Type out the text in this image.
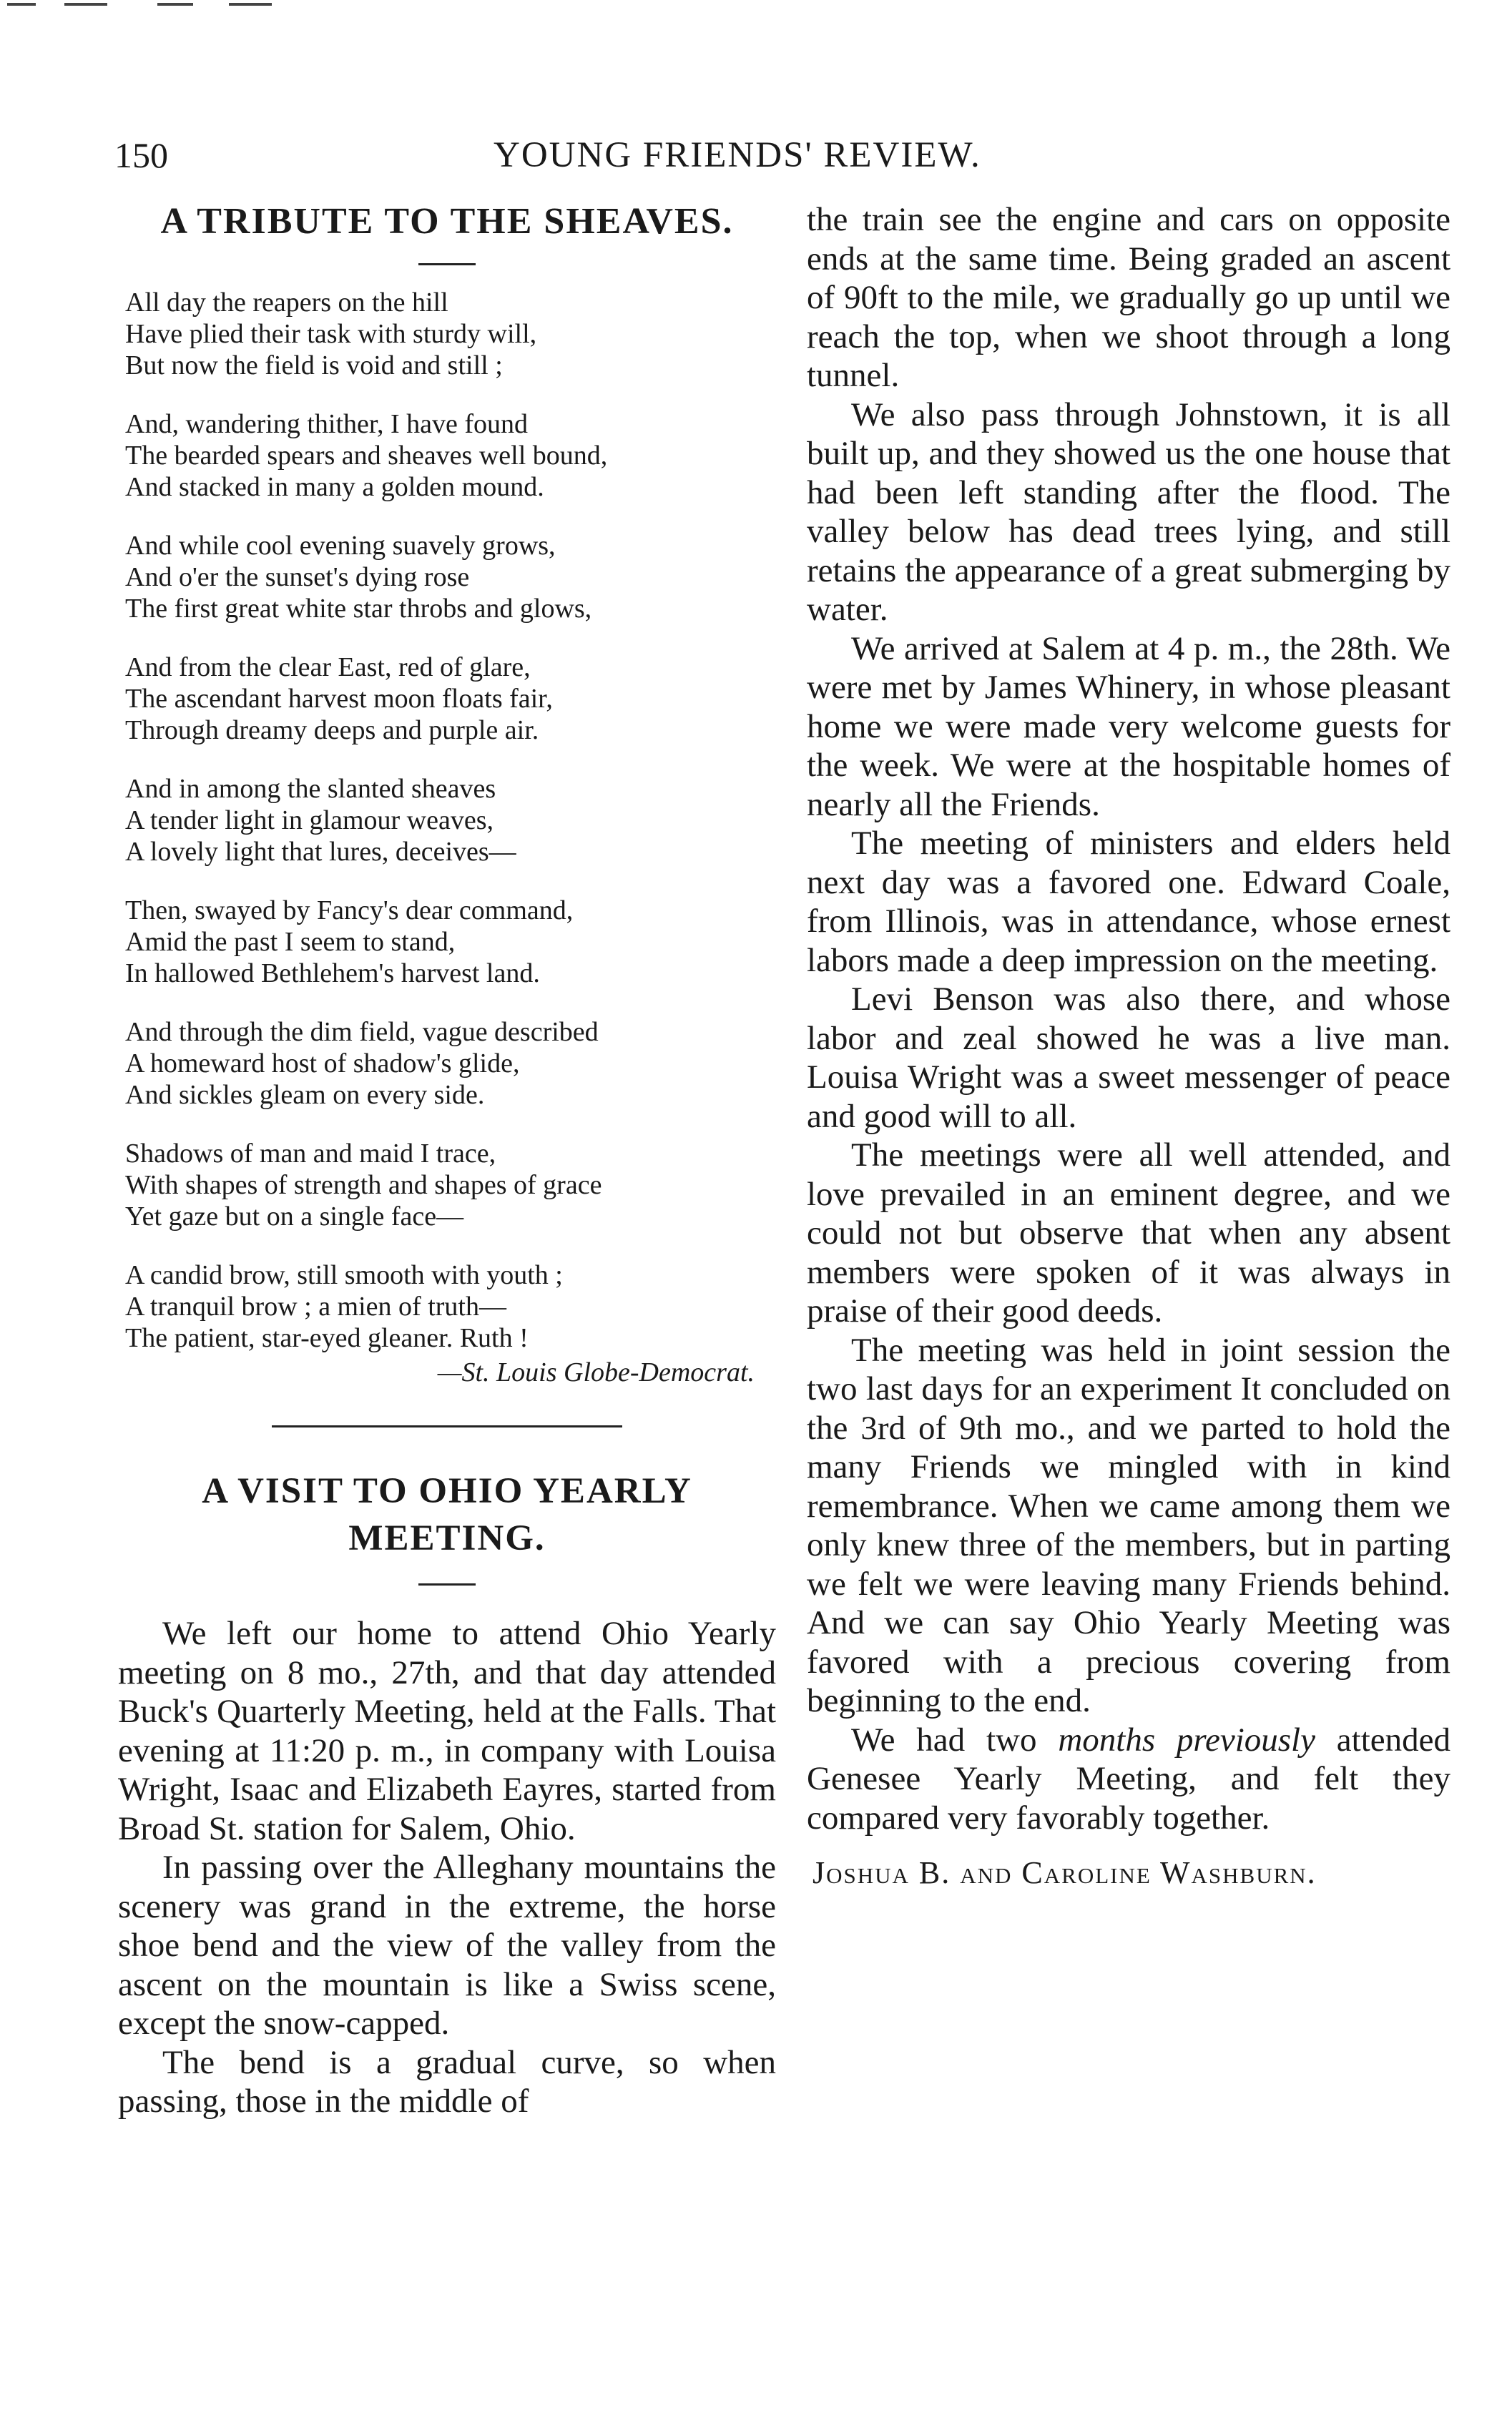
150	YOUNG FRIENDS' REVIEW.
A TRIBUTE TO THE SHEAVES.
All day the reapers on the hill
Have plied their task with sturdy will,
But now the field is void and still ;
And, wandering thither, I have found
The bearded spears and sheaves well bound,
And stacked in many a golden mound.
And while cool evening suavely grows,
And o'er the sunset's dying rose
The first great white star throbs and glows,
And from the clear East, red of glare,
The ascendant harvest moon floats fair,
Through dreamy deeps and purple air.
And in among the slanted sheaves
A tender light in glamour weaves,
A lovely light that lures, deceives—
Then, swayed by Fancy's dear command,
Amid the past I seem to stand,
In hallowed Bethlehem's harvest land.
And through the dim field, vague described
A homeward host of shadow's glide,
And sickles gleam on every side.
Shadows of man and maid I trace,
With shapes of strength and shapes of grace
Yet gaze but on a single face—
A candid brow, still smooth with youth ;
A tranquil brow ; a mien of truth—
The patient, star-eyed gleaner. Ruth !
—St. Louis Globe-Democrat.
A VISIT TO OHIO YEARLY
MEETING.

We left our home to attend Ohio Yearly meeting on 8 mo., 27th, and that day attended Buck's Quarterly Meeting, held at the Falls. That evening at 11:20 p. m., in company with Louisa Wright, Isaac and Elizabeth Eayres, started from Broad St. station for Salem, Ohio.

In passing over the Alleghany mountains the scenery was grand in the extreme, the horse shoe bend and the view of the valley from the ascent on the mountain is like a Swiss scene, except the snow-capped.

The bend is a gradual curve, so when passing, those in the middle of

the train see the engine and cars on opposite ends at the same time. Being graded an ascent of 90ft to the mile, we gradually go up until we reach the top, when we shoot through a long tunnel.

We also pass through Johnstown, it is all built up, and they showed us the one house that had been left standing after the flood. The valley below has dead trees lying, and still retains the appearance of a great submerging by water.

We arrived at Salem at 4 p. m., the 28th. We were met by James Whinery, in whose pleasant home we were made very welcome guests for the week. We were at the hospitable homes of nearly all the Friends.

The meeting of ministers and elders held next day was a favored one. Edward Coale, from Illinois, was in attendance, whose ernest labors made a deep impression on the meeting.

Levi Benson was also there, and whose labor and zeal showed he was a live man. Louisa Wright was a sweet messenger of peace and good will to all.

The meetings were all well attended, and love prevailed in an eminent degree, and we could not but observe that when any absent members were spoken of it was always in praise of their good deeds.

The meeting was held in joint session the two last days for an experiment It concluded on the 3rd of 9th mo., and we parted to hold the many Friends we mingled with in kind remembrance. When we came among them we only knew three of the members, but in parting we felt we were leaving many Friends behind. And we can say Ohio Yearly Meeting was favored with a precious covering from beginning to the end.

We had two months previously attended Genesee Yearly Meeting, and felt they compared very favorably together.

Joshua B. and Caroline Washburn.
